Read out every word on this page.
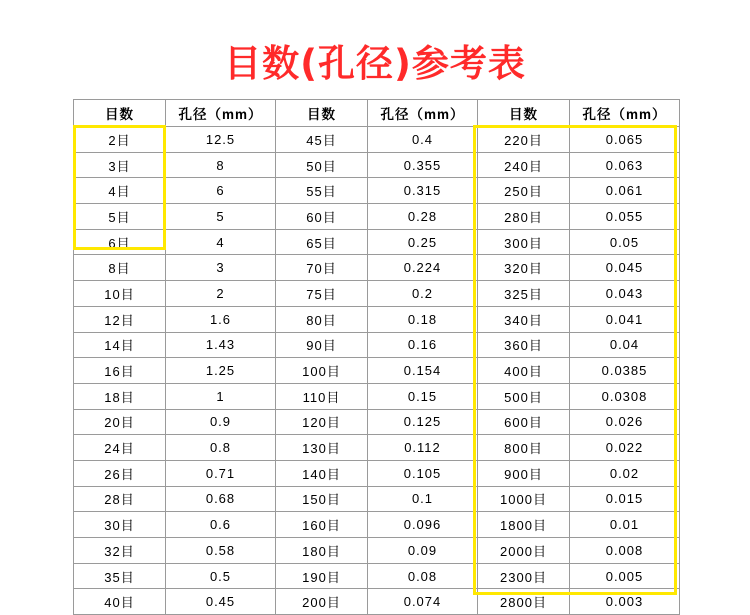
目数(孔径)参考表
目数	孔径（mm）	目数	孔径（mm）	目数	孔径（mm）
2目	12.5	45目	0.4	220目	0.065
3目	8	50目	0.355	240目	0.063
4目	6	55目	0.315	250目	0.061
5目	5	60目	0.28	280目	0.055
6目	4	65目	0.25	300目	0.05
8目	3	70目	0.224	320目	0.045
10目	2	75目	0.2	325目	0.043
12目	1.6	80目	0.18	340目	0.041
14目	1.43	90目	0.16	360目	0.04
16目	1.25	100目	0.154	400目	0.0385
18目	1	110目	0.15	500目	0.0308
20目	0.9	120目	0.125	600目	0.026
24目	0.8	130目	0.112	800目	0.022
26目	0.71	140目	0.105	900目	0.02
28目	0.68	150目	0.1	1000目	0.015
30目	0.6	160目	0.096	1800目	0.01
32目	0.58	180目	0.09	2000目	0.008
35目	0.5	190目	0.08	2300目	0.005
40目	0.45	200目	0.074	2800目	0.003
